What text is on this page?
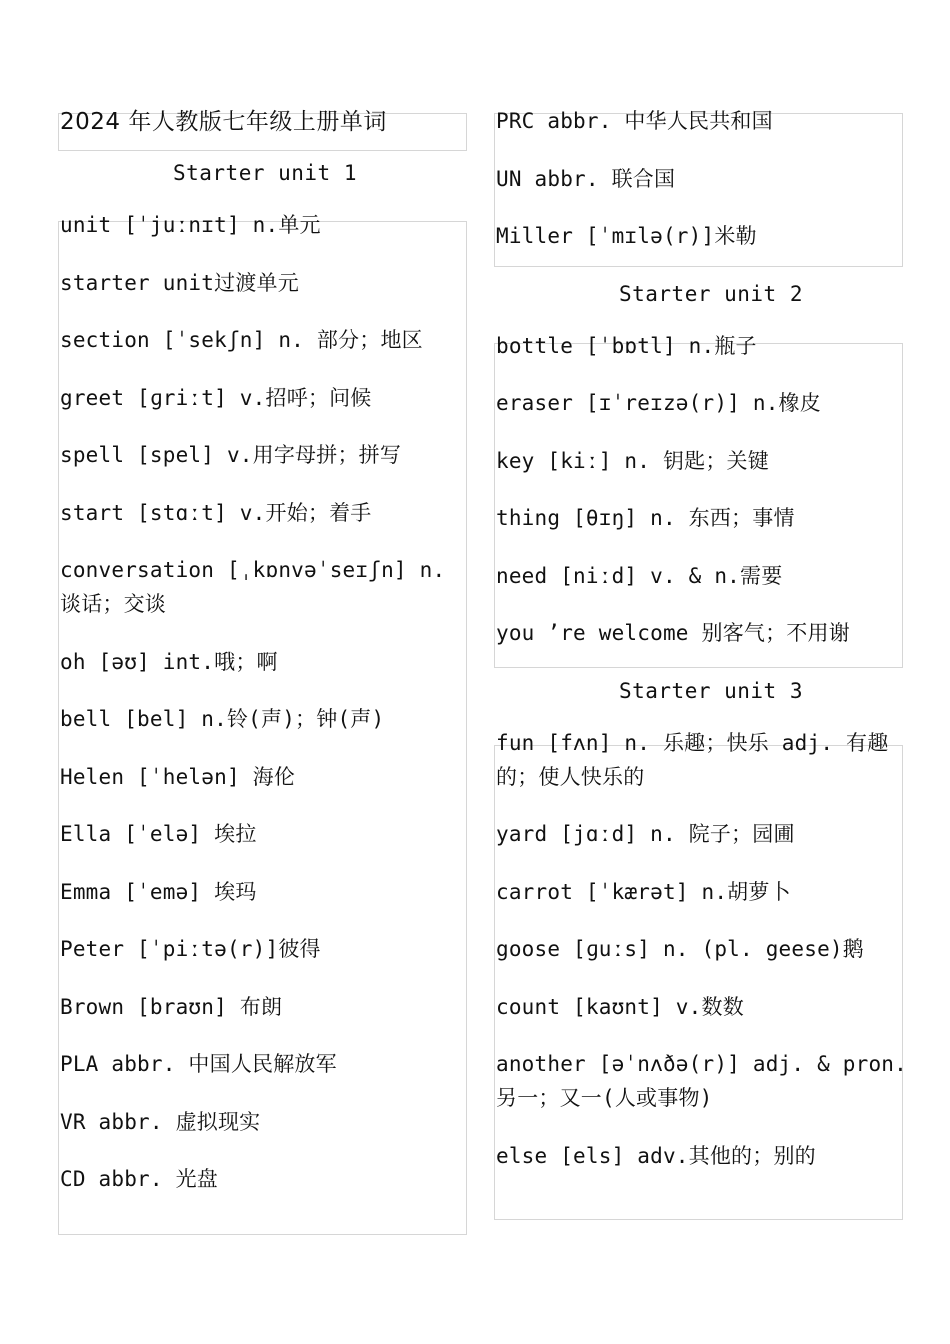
2024 年人教版七年级上册单词
Starter unit 1
unit [ˈjuːnɪt] n.单元
starter unit过渡单元
section [ˈsekʃn] n. 部分；地区
greet [ɡriːt] v.招呼；问候
spell [spel] v.用字母拼；拼写
start [stɑːt] v.开始；着手
conversation [ˌkɒnvəˈseɪʃn] n. 谈话；交谈
oh [əʊ] int.哦；啊
bell [bel] n.铃(声)；钟(声)
Helen [ˈhelən] 海伦
Ella [ˈelə] 埃拉
Emma [ˈemə] 埃玛
Peter [ˈpiːtə(r)]彼得
Brown [braʊn] 布朗
PLA abbr. 中国人民解放军
VR abbr. 虚拟现实
CD abbr. 光盘
PRC abbr. 中华人民共和国
UN abbr. 联合国
Miller [ˈmɪlə(r)]米勒
Starter unit 2
bottle [ˈbɒtl] n.瓶子
eraser [ɪˈreɪzə(r)] n.橡皮
key [kiː] n. 钥匙；关键
thing [θɪŋ] n. 东西；事情
need [niːd] v. & n.需要
you ’re welcome 别客气；不用谢
Starter unit 3
fun [fʌn] n. 乐趣；快乐 adj. 有趣的；使人快乐的
yard [jɑːd] n. 院子；园圃
carrot [ˈkærət] n.胡萝卜
goose [ɡuːs] n. (pl. geese)鹅
count [kaʊnt] v.数数
another [əˈnʌðə(r)] adj. & pron. 另一；又一(人或事物)
else [els] adv.其他的；别的
